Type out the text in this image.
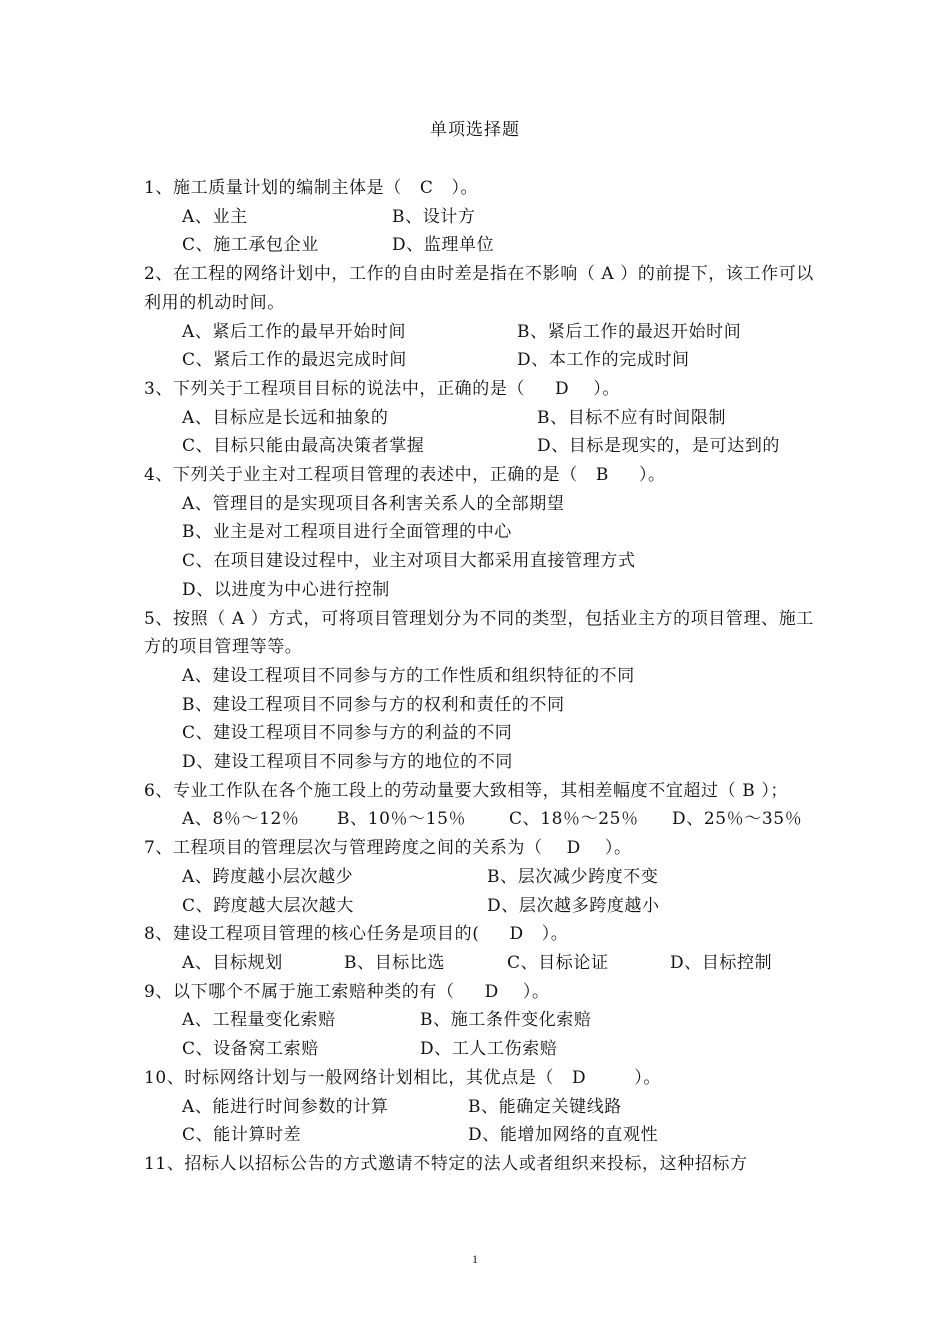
单项选择题
1、施工质量计划的编制主体是（   C   ）。
A、业主	B、设计方
C、施工承包企业	D、监理单位
2、在工程的网络计划中，工作的自由时差是指在不影响（ A ）的前提下，该工作可以利用的机动时间。
A、紧后工作的最早开始时间	B、紧后工作的最迟开始时间
C、紧后工作的最迟完成时间	D、本工作的完成时间
3、下列关于工程项目目标的说法中，正确的是（     D    ）。
A、目标应是长远和抽象的	B、目标不应有时间限制
C、目标只能由最高决策者掌握	D、目标是现实的，是可达到的
4、下列关于业主对工程项目管理的表述中，正确的是（   B     ）。
A、管理目的是实现项目各利害关系人的全部期望
B、业主是对工程项目进行全面管理的中心
C、在项目建设过程中，业主对项目大都采用直接管理方式
D、以进度为中心进行控制
5、按照（ A ）方式，可将项目管理划分为不同的类型，包括业主方的项目管理、施工方的项目管理等等。
A、建设工程项目不同参与方的工作性质和组织特征的不同
B、建设工程项目不同参与方的权利和责任的不同
C、建设工程项目不同参与方的利益的不同
D、建设工程项目不同参与方的地位的不同
6、专业工作队在各个施工段上的劳动量要大致相等，其相差幅度不宜超过（ B ）；
A、8％～12％	B、10％～15％	C、18％～25％	D、25％～35％
7、工程项目的管理层次与管理跨度之间的关系为（    D    ）。
A、跨度越小层次越少	B、层次减少跨度不变
C、跨度越大层次越大	D、层次越多跨度越小
8、建设工程项目管理的核心任务是项目的(     D   ）。
A、目标规划	B、目标比选	C、目标论证	D、目标控制
9、以下哪个不属于施工索赔种类的有（     D    ）。
A、工程量变化索赔	B、施工条件变化索赔
C、设备窝工索赔	D、工人工伤索赔
10、时标网络计划与一般网络计划相比，其优点是（   D        ）。
A、能进行时间参数的计算	B、能确定关键线路
C、能计算时差	D、能增加网络的直观性
11、招标人以招标公告的方式邀请不特定的法人或者组织来投标，这种招标方
1
